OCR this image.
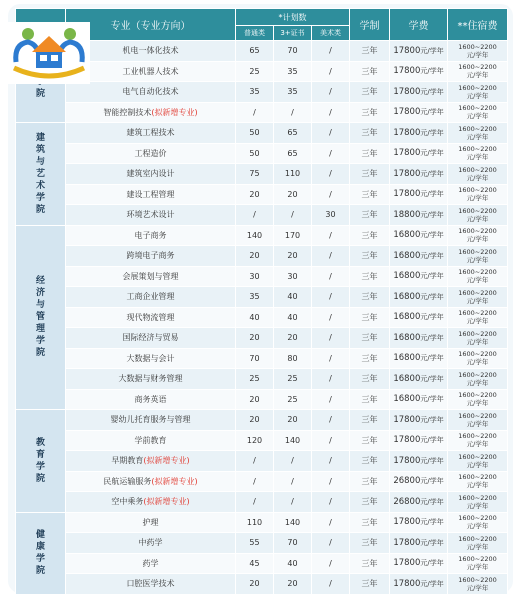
	专业（专业方向）	*计划数			学制	学费	**住宿费
		普通类	3+证书	美术类			
院	机电一体化技术	65	70	/	三年	17800元/学年	1600~2200
元/学年
	工业机器人技术	25	35	/	三年	17800元/学年	1600~2200
元/学年
	电气自动化技术	35	35	/	三年	17800元/学年	1600~2200
元/学年
	智能控制技术(拟新增专业)	/	/	/	三年	17800元/学年	1600~2200
元/学年
建筑与艺术学院	建筑工程技术	50	65	/	三年	17800元/学年	1600~2200
元/学年
	工程造价	50	65	/	三年	17800元/学年	1600~2200
元/学年
	建筑室内设计	75	110	/	三年	17800元/学年	1600~2200
元/学年
	建设工程管理	20	20	/	三年	17800元/学年	1600~2200
元/学年
	环境艺术设计	/	/	30	三年	18800元/学年	1600~2200
元/学年
经济与管理学院	电子商务	140	170	/	三年	16800元/学年	1600~2200
元/学年
	跨境电子商务	20	20	/	三年	16800元/学年	1600~2200
元/学年
	会展策划与管理	30	30	/	三年	16800元/学年	1600~2200
元/学年
	工商企业管理	35	40	/	三年	16800元/学年	1600~2200
元/学年
	现代物流管理	40	40	/	三年	16800元/学年	1600~2200
元/学年
	国际经济与贸易	20	20	/	三年	16800元/学年	1600~2200
元/学年
	大数据与会计	70	80	/	三年	16800元/学年	1600~2200
元/学年
	大数据与财务管理	25	25	/	三年	16800元/学年	1600~2200
元/学年
	商务英语	20	25	/	三年	16800元/学年	1600~2200
元/学年
教育学院	婴幼儿托育服务与管理	20	20	/	三年	17800元/学年	1600~2200
元/学年
	学前教育	120	140	/	三年	17800元/学年	1600~2200
元/学年
	早期教育(拟新增专业)	/	/	/	三年	17800元/学年	1600~2200
元/学年
	民航运输服务(拟新增专业)	/	/	/	三年	26800元/学年	1600~2200
元/学年
	空中乘务(拟新增专业)	/	/	/	三年	26800元/学年	1600~2200
元/学年
健康学院	护理	110	140	/	三年	17800元/学年	1600~2200
元/学年
	中药学	55	70	/	三年	17800元/学年	1600~2200
元/学年
	药学	45	40	/	三年	17800元/学年	1600~2200
元/学年
	口腔医学技术	20	20	/	三年	17800元/学年	1600~2200
元/学年
